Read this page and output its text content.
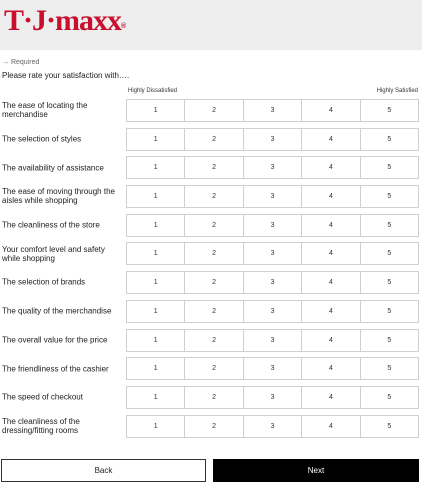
T·J·maxx®
→ Required
Please rate your satisfaction with….
Highly Dissatisfied	Highly Satisfied
The ease of locating the merchandise	1	2	3	4	5
The selection of styles	1	2	3	4	5
The availability of assistance	1	2	3	4	5
The ease of moving through the aisles while shopping	1	2	3	4	5
The cleanliness of the store	1	2	3	4	5
Your comfort level and safety while shopping	1	2	3	4	5
The selection of brands	1	2	3	4	5
The quality of the merchandise	1	2	3	4	5
The overall value for the price	1	2	3	4	5
The friendliness of the cashier	1	2	3	4	5
The speed of checkout	1	2	3	4	5
The cleanliness of the dressing/fitting rooms	1	2	3	4	5
Back	Next
